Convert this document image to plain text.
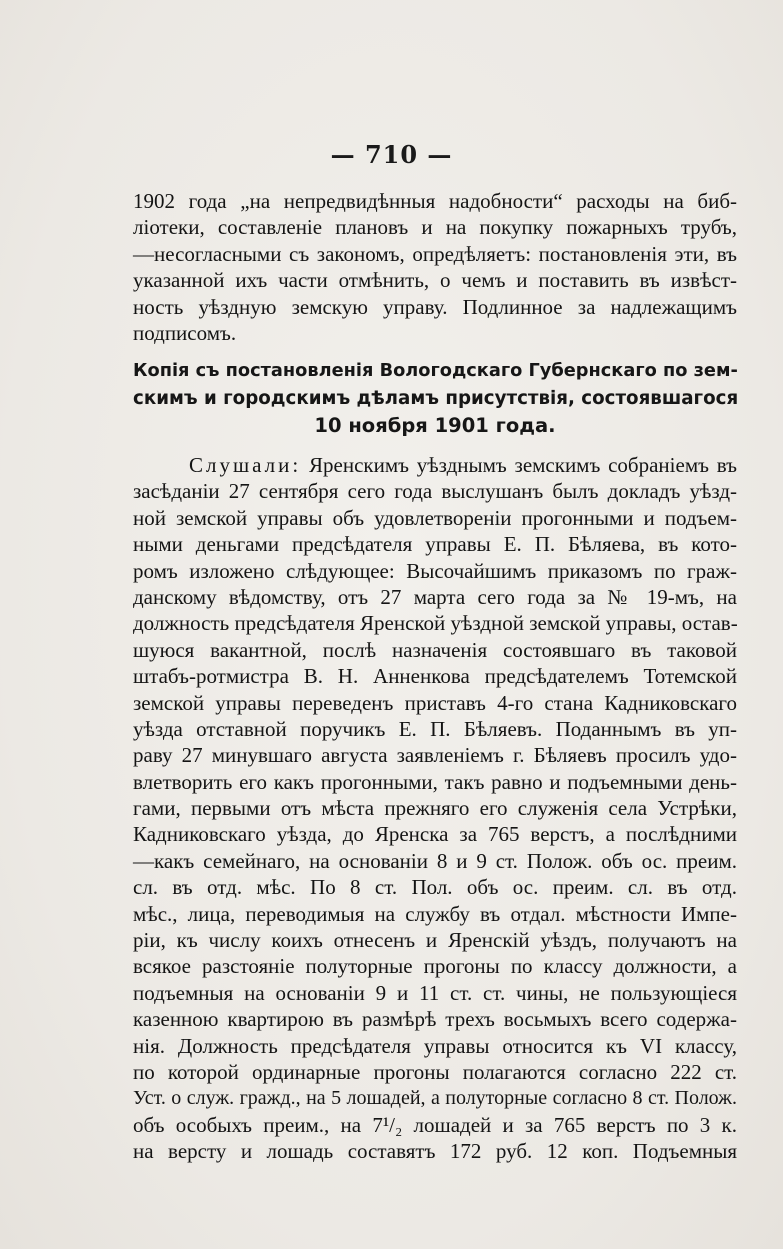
— 710 —
1902 года „на непредвидѣнныя надобности“ расходы на биб-
ліотеки, составленіе плановъ и на покупку пожарныхъ трубъ,
—несогласными съ закономъ, опредѣляетъ: постановленія эти, въ
указанной ихъ части отмѣнить, о чемъ и поставить въ извѣст-
ность уѣздную земскую управу. Подлинное за надлежащимъ
подписомъ.
Копія съ постановленія Вологодскаго Губернскаго по зем-
скимъ и городскимъ дѣламъ присутствія, состоявшагося
10 ноября 1901 года.
Слушали: Яренскимъ уѣзднымъ земскимъ собраніемъ въ
засѣданіи 27 сентября сего года выслушанъ былъ докладъ уѣзд-
ной земской управы объ удовлетвореніи прогонными и подъем-
ными деньгами предсѣдателя управы Е. П. Бѣляева, въ кото-
ромъ изложено слѣдующее: Высочайшимъ приказомъ по граж-
данскому вѣдомству, отъ 27 марта сего года за № 19-мъ, на
должность предсѣдателя Яренской уѣздной земской управы, остав-
шуюся вакантной, послѣ назначенія состоявшаго въ таковой
штабъ-ротмистра В. Н. Анненкова предсѣдателемъ Тотемской
земской управы переведенъ приставъ 4-го стана Кадниковскаго
уѣзда отставной поручикъ Е. П. Бѣляевъ. Поданнымъ въ уп-
раву 27 минувшаго августа заявленіемъ г. Бѣляевъ просилъ удо-
влетворить его какъ прогонными, такъ равно и подъемными день-
гами, первыми отъ мѣста прежняго его служенія села Устрѣки,
Кадниковскаго уѣзда, до Яренска за 765 верстъ, а послѣдними
—какъ семейнаго, на основаніи 8 и 9 ст. Полож. объ ос. преим.
сл. въ отд. мѣс. По 8 ст. Пол. объ ос. преим. сл. въ отд.
мѣс., лица, переводимыя на службу въ отдал. мѣстности Импе-
ріи, къ числу коихъ отнесенъ и Яренскій уѣздъ, получаютъ на
всякое разстояніе полуторные прогоны по классу должности, а
подъемныя на основаніи 9 и 11 ст. ст. чины, не пользующіеся
казенною квартирою въ размѣрѣ трехъ восьмыхъ всего содержа-
нія. Должность предсѣдателя управы относится къ VI классу,
по которой ординарные прогоны полагаются согласно 222 ст.
Уст. о служ. гражд., на 5 лошадей, а полуторные согласно 8 ст. Полож.
объ особыхъ преим., на 7¹/₂ лошадей и за 765 верстъ по 3 к.
на версту и лошадь составятъ 172 руб. 12 коп. Подъемныя
